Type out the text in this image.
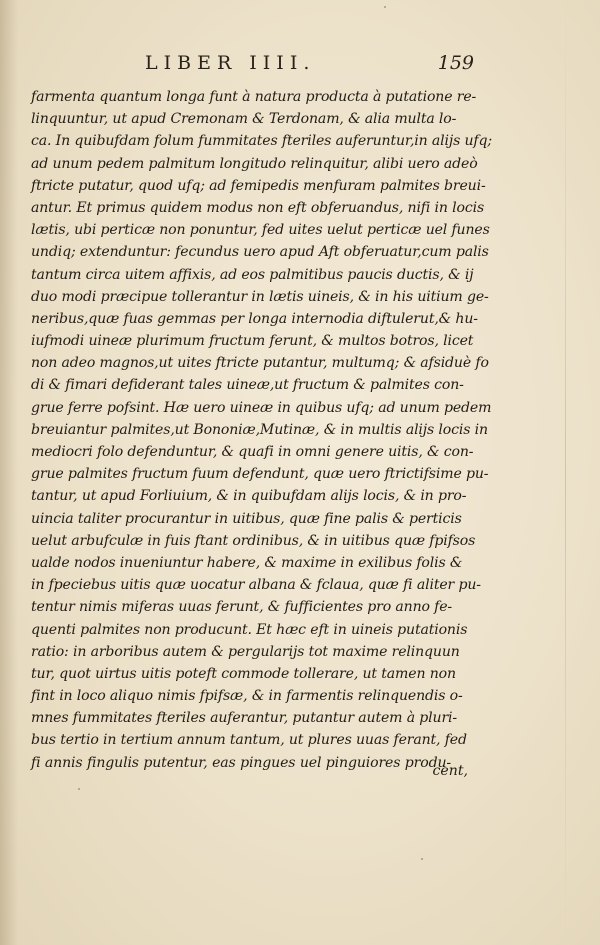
LIBER IIII.	159
farmenta quantum longa funt à natura producta à putatione re-
linquuntur, ut apud Cremonam & Terdonam, & alia multa lo-
ca. In quibufdam folum fummitates fteriles auferuntur,in alijs ufq;
ad unum pedem palmitum longitudo relinquitur, alibi uero adeò
ftricte putatur, quod ufq; ad femipedis menfuram palmites breui-
antur. Et primus quidem modus non eft obferuandus, nifi in locis
lætis, ubi perticæ non ponuntur, fed uites uelut perticæ uel funes
undiq; extenduntur: fecundus uero apud Aft obferuatur,cum palis
tantum circa uitem affixis, ad eos palmitibus paucis ductis, & ij
duo modi præcipue tollerantur in lætis uineis, & in his uitium ge-
neribus,quæ fuas gemmas per longa internodia diftulerut,& hu-
iufmodi uineæ plurimum fructum ferunt, & multos botros, licet
non adeo magnos,ut uites ftricte putantur, multumq; & afsiduè fo
di & fimari defiderant tales uineæ,ut fructum & palmites con-
grue ferre pofsint. Hæ uero uineæ in quibus ufq; ad unum pedem
breuiantur palmites,ut Bononiæ,Mutinæ, & in multis alijs locis in
mediocri folo defenduntur, & quafi in omni genere uitis, & con-
grue palmites fructum fuum defendunt, quæ uero ftrictifsime pu-
tantur, ut apud Forliuium, & in quibufdam alijs locis, & in pro-
uincia taliter procurantur in uitibus, quæ fine palis & perticis
uelut arbufculæ in fuis ftant ordinibus, & in uitibus quæ fpifsos
ualde nodos inueniuntur habere, & maxime in exilibus folis &
in fpeciebus uitis quæ uocatur albana & fclaua, quæ fi aliter pu-
tentur nimis miferas uuas ferunt, & fufficientes pro anno fe-
quenti palmites non producunt. Et hæc eft in uineis putationis
ratio: in arboribus autem & pergularijs tot maxime relinquun
tur, quot uirtus uitis poteft commode tollerare, ut tamen non
fint in loco aliquo nimis fpifsæ, & in farmentis relinquendis o-
mnes fummitates fteriles auferantur, putantur autem à pluri-
bus tertio in tertium annum tantum, ut plures uuas ferant, fed
fi annis fingulis putentur, eas pingues uel pinguiores produ-
cent,
